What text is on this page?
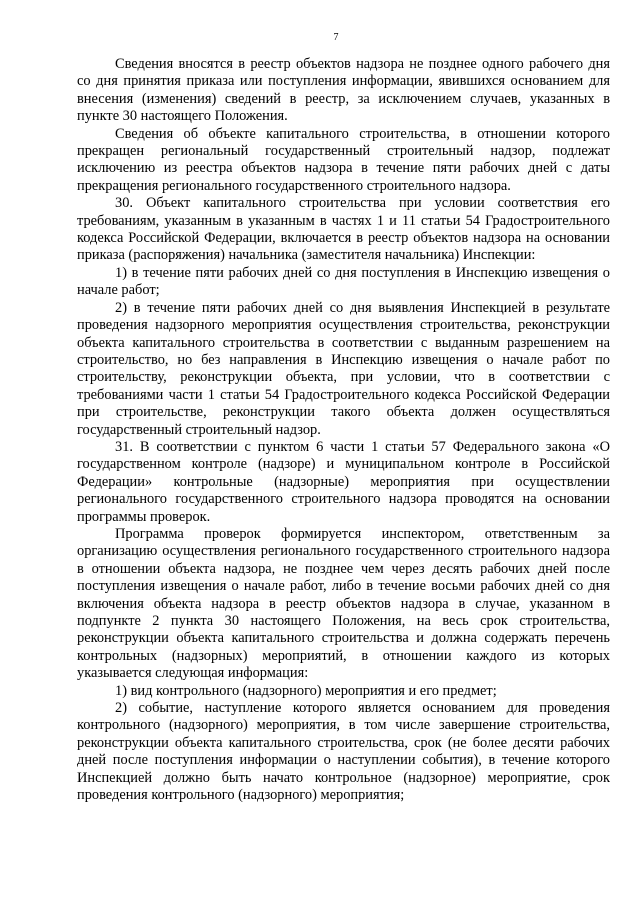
7

Сведения вносятся в реестр объектов надзора не позднее одного рабочего дня со дня принятия приказа или поступления информации, явившихся основанием для внесения (изменения) сведений в реестр, за исключением случаев, указанных в пункте 30 настоящего Положения.

Сведения об объекте капитального строительства, в отношении которого прекращен региональный государственный строительный надзор, подлежат исключению из реестра объектов надзора в течение пяти рабочих дней с даты прекращения регионального государственного строительного надзора.

30. Объект капитального строительства при условии соответствия его требованиям, указанным в указанным в частях 1 и 11 статьи 54 Градостроительного кодекса Российской Федерации, включается в реестр объектов надзора на основании приказа (распоряжения) начальника (заместителя начальника) Инспекции:

1) в течение пяти рабочих дней со дня поступления в Инспекцию извещения о начале работ;

2) в течение пяти рабочих дней со дня выявления Инспекцией в результате проведения надзорного мероприятия осуществления строительства, реконструкции объекта капитального строительства в соответствии с выданным разрешением на строительство, но без направления в Инспекцию извещения о начале работ по строительству, реконструкции объекта, при условии, что в соответствии с требованиями части 1 статьи 54 Градостроительного кодекса Российской Федерации при строительстве, реконструкции такого объекта должен осуществляться государственный строительный надзор.

31. В соответствии с пунктом 6 части 1 статьи 57 Федерального закона «О государственном контроле (надзоре) и муниципальном контроле в Российской Федерации» контрольные (надзорные) мероприятия при осуществлении регионального государственного строительного надзора проводятся на основании программы проверок.

Программа проверок формируется инспектором, ответственным за организацию осуществления регионального государственного строительного надзора в отношении объекта надзора, не позднее чем через десять рабочих дней после поступления извещения о начале работ, либо в течение восьми рабочих дней со дня включения объекта надзора в реестр объектов надзора в случае, указанном в подпункте 2 пункта 30 настоящего Положения, на весь срок строительства, реконструкции объекта капитального строительства и должна содержать перечень контрольных (надзорных) мероприятий, в отношении каждого из которых указывается следующая информация:

1) вид контрольного (надзорного) мероприятия и его предмет;

2) событие, наступление которого является основанием для проведения контрольного (надзорного) мероприятия, в том числе завершение строительства, реконструкции объекта капитального строительства, срок (не более десяти рабочих дней после поступления информации о наступлении события), в течение которого Инспекцией должно быть начато контрольное (надзорное) мероприятие, срок проведения контрольного (надзорного) мероприятия;
